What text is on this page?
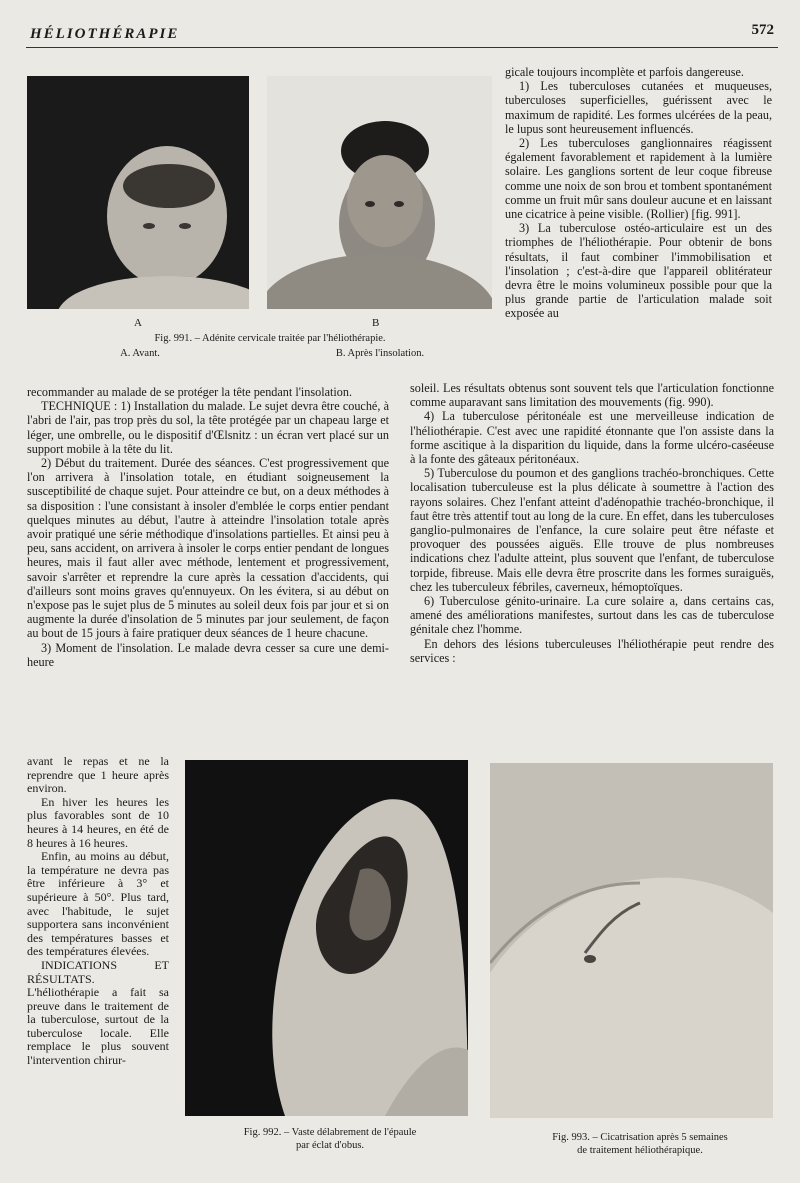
HÉLIOTHÉRAPIE	572
A	B
Fig. 991. – Adénite cervicale traitée par l'héliothérapie.
A. Avant.	B. Après l'insolation.

gicale toujours incomplète et parfois dangereuse.

1) Les tuberculoses cutanées et muqueuses, tuberculoses superficielles, guérissent avec le maximum de rapidité. Les formes ulcérées de la peau, le lupus sont heureusement influencés.

2) Les tuberculoses ganglionnaires réagissent également favorablement et rapidement à la lumière solaire. Les ganglions sortent de leur coque fibreuse comme une noix de son brou et tombent spontanément comme un fruit mûr sans douleur aucune et en laissant une cicatrice à peine visible. (Rollier) [fig. 991].

3) La tuberculose ostéo-articulaire est un des triomphes de l'héliothérapie. Pour obtenir de bons résultats, il faut combiner l'immobilisation et l'insolation ; c'est-à-dire que l'appareil oblitérateur devra être le moins volumineux possible pour que la plus grande partie de l'articulation malade soit exposée au

recommander au malade de se protéger la tête pendant l'insolation.

TECHNIQUE : 1) Installation du malade. Le sujet devra être couché, à l'abri de l'air, pas trop près du sol, la tête protégée par un chapeau large et léger, une ombrelle, ou le dispositif d'Œlsnitz : un écran vert placé sur un support mobile à la tête du lit.

2) Début du traitement. Durée des séances. C'est progressivement que l'on arrivera à l'insolation totale, en étudiant soigneusement la susceptibilité de chaque sujet. Pour atteindre ce but, on a deux méthodes à sa disposition : l'une consistant à insoler d'emblée le corps entier pendant quelques minutes au début, l'autre à atteindre l'insolation totale après avoir pratiqué une série méthodique d'insolations partielles. Et ainsi peu à peu, sans accident, on arrivera à insoler le corps entier pendant de longues heures, mais il faut aller avec méthode, lentement et progressivement, savoir s'arrêter et reprendre la cure après la cessation d'accidents, qui d'ailleurs sont moins graves qu'ennuyeux. On les évitera, si au début on n'expose pas le sujet plus de 5 minutes au soleil deux fois par jour et si on augmente la durée d'insolation de 5 minutes par jour seulement, de façon au bout de 15 jours à faire pratiquer deux séances de 1 heure chacune.

3) Moment de l'insolation. Le malade devra cesser sa cure une demi-heure

soleil. Les résultats obtenus sont souvent tels que l'articulation fonctionne comme auparavant sans limitation des mouvements (fig. 990).

4) La tuberculose péritonéale est une merveilleuse indication de l'héliothérapie. C'est avec une rapidité étonnante que l'on assiste dans la forme ascitique à la disparition du liquide, dans la forme ulcéro-caséeuse à la fonte des gâteaux péritonéaux.

5) Tuberculose du poumon et des ganglions trachéo-bronchiques. Cette localisation tuberculeuse est la plus délicate à soumettre à l'action des rayons solaires. Chez l'enfant atteint d'adénopathie trachéo-bronchique, il faut être très attentif tout au long de la cure. En effet, dans les tuberculoses ganglio-pulmonaires de l'enfance, la cure solaire peut être néfaste et provoquer des poussées aiguës. Elle trouve de plus nombreuses indications chez l'adulte atteint, plus souvent que l'enfant, de tuberculose torpide, fibreuse. Mais elle devra être proscrite dans les formes suraiguës, chez les tuberculeux fébriles, caverneux, hémoptoïques.

6) Tuberculose génito-urinaire. La cure solaire a, dans certains cas, amené des améliorations manifestes, surtout dans les cas de tuberculose génitale chez l'homme.

En dehors des lésions tuberculeuses l'héliothérapie peut rendre des services :

avant le repas et ne la reprendre que 1 heure après environ.

En hiver les heures les plus favorables sont de 10 heures à 14 heures, en été de 8 heures à 16 heures.

Enfin, au moins au début, la température ne devra pas être inférieure à 3° et supérieure à 50°. Plus tard, avec l'habitude, le sujet supportera sans inconvénient des températures basses et des températures élevées.

INDICATIONS ET RÉSULTATS. L'héliothérapie a fait sa preuve dans le traitement de la tuberculose, surtout de la tuberculose locale. Elle remplace le plus souvent l'intervention chirur-

Fig. 992. – Vaste délabrement de l'épaule
par éclat d'obus.
Fig. 993. – Cicatrisation après 5 semaines
de traitement héliothérapique.
